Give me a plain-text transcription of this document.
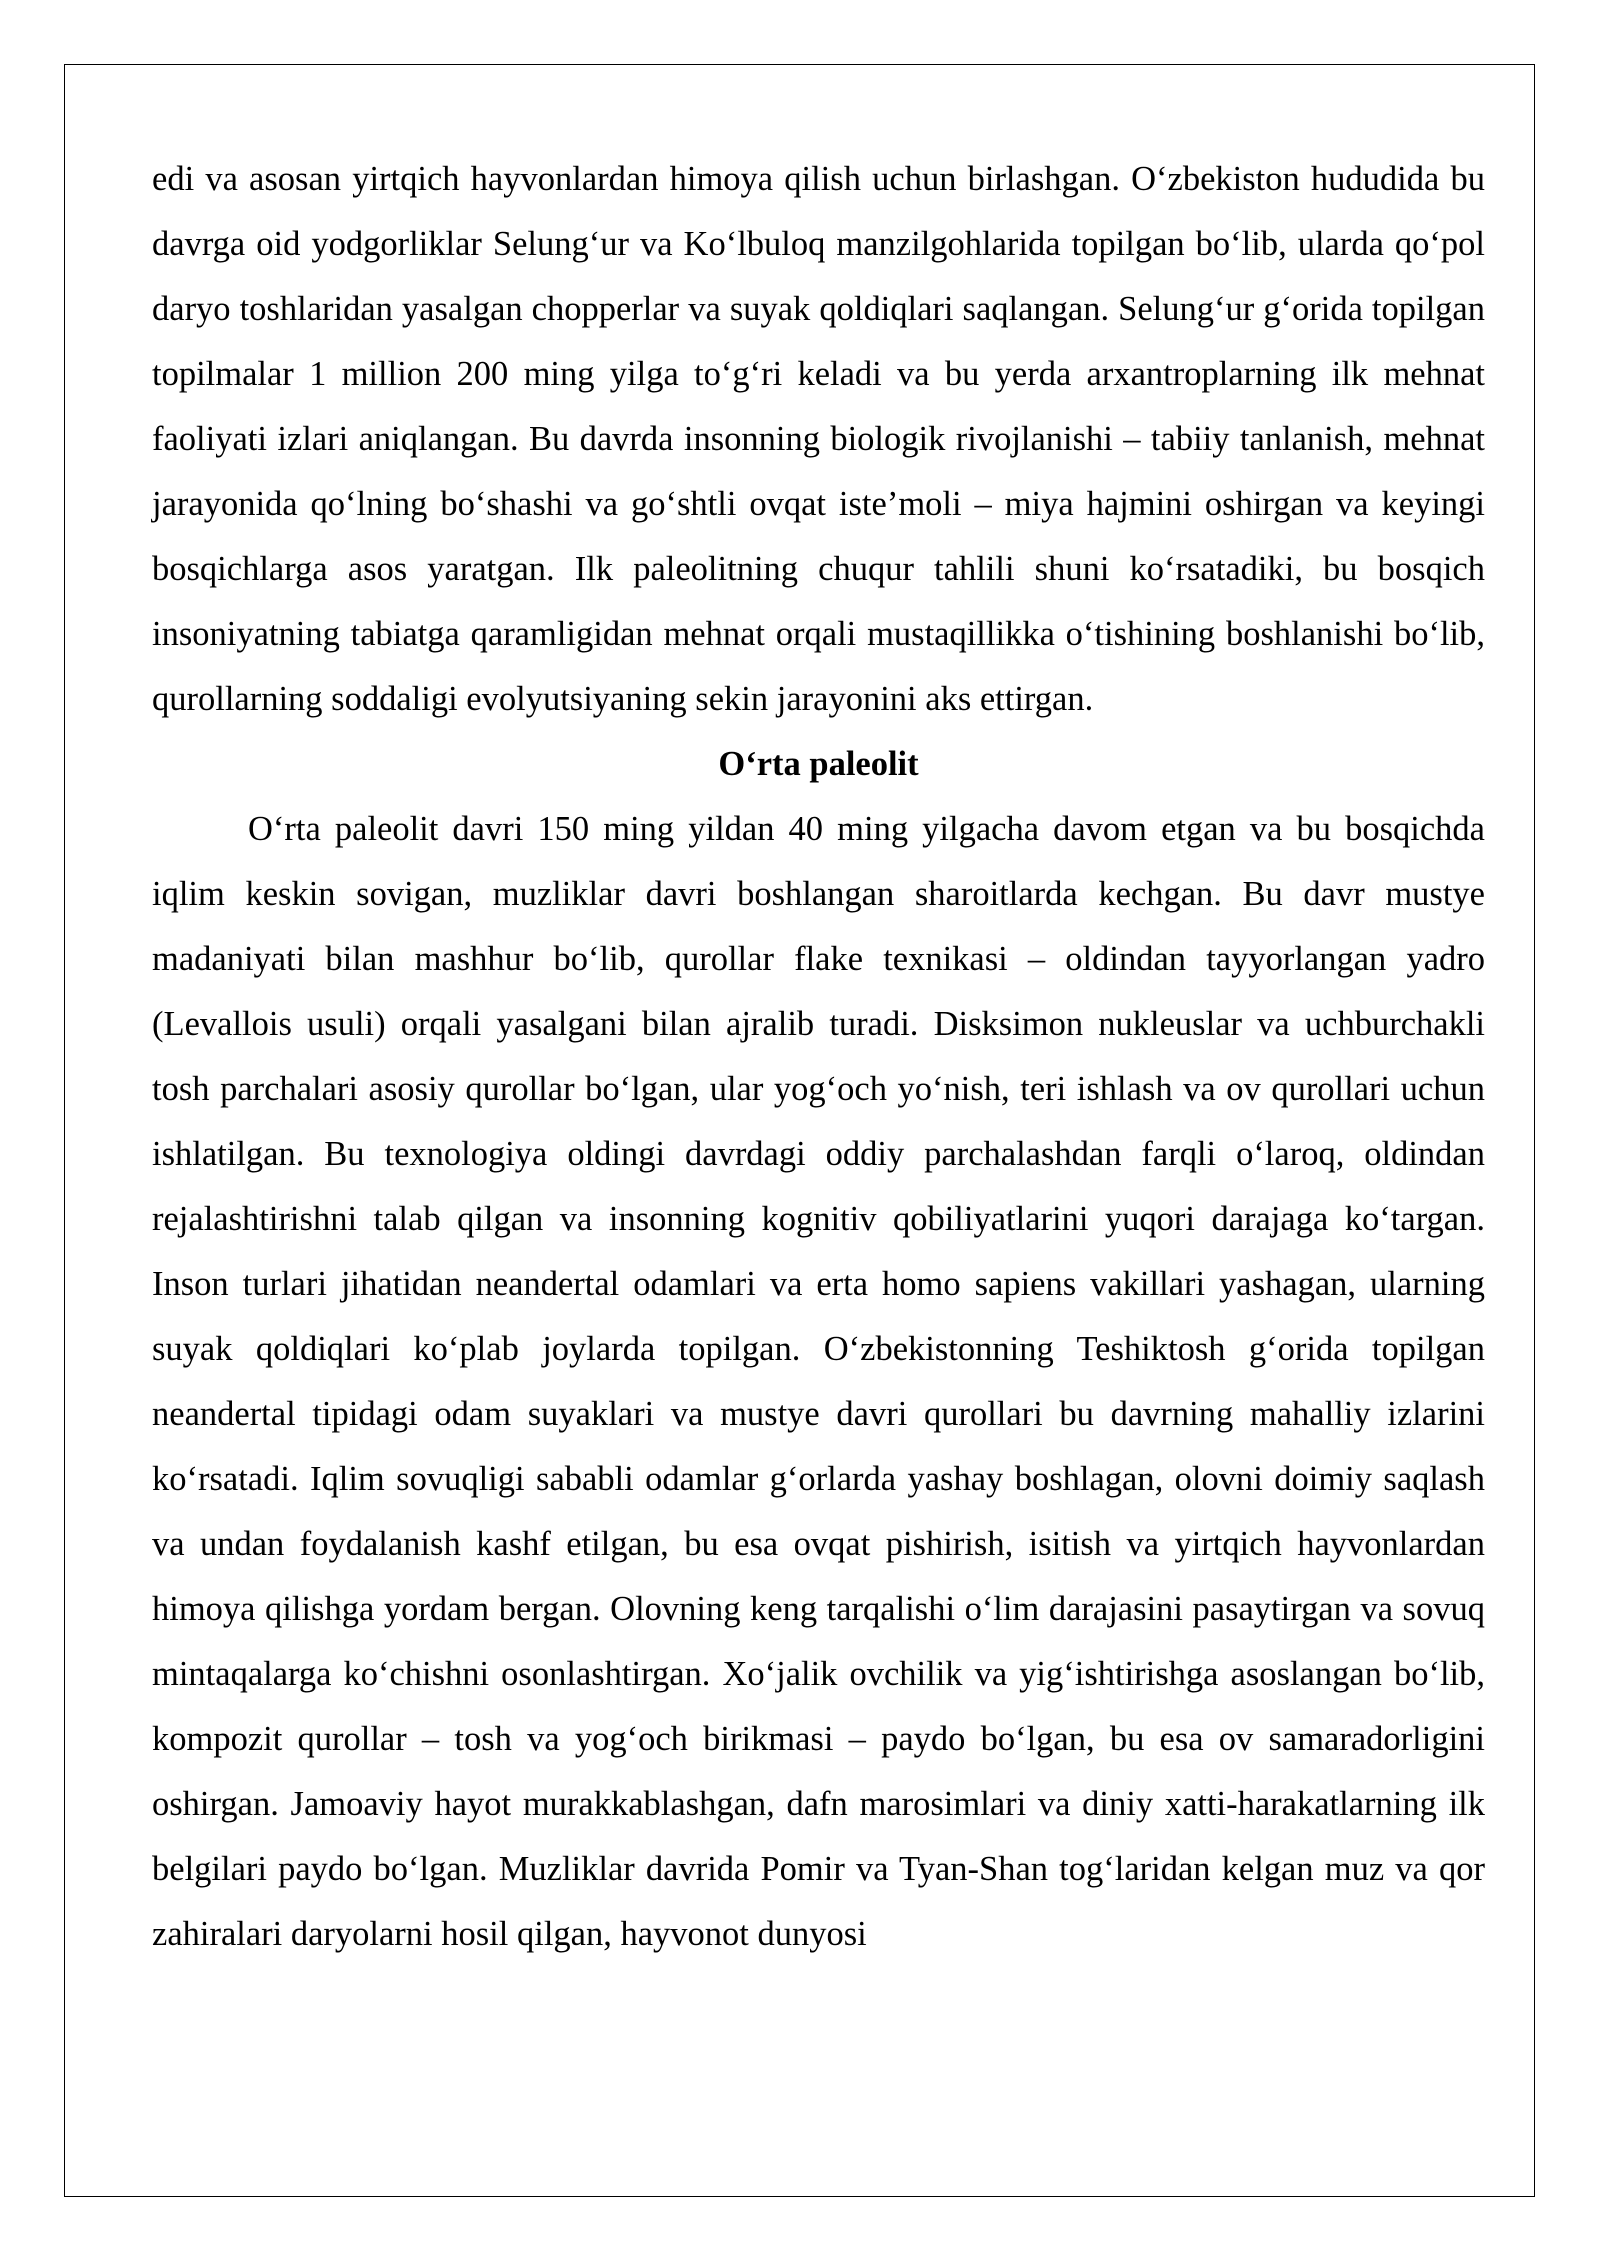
edi va asosan yirtqich hayvonlardan himoya qilish uchun birlashgan. O‘zbekiston hududida bu davrga oid yodgorliklar Selung‘ur va Ko‘lbuloq manzilgohlarida topilgan bo‘lib, ularda qo‘pol daryo toshlaridan yasalgan chopperlar va suyak qoldiqlari saqlangan. Selung‘ur g‘orida topilgan topilmalar 1 million 200 ming yilga to‘g‘ri keladi va bu yerda arxantroplarning ilk mehnat faoliyati izlari aniqlangan. Bu davrda insonning biologik rivojlanishi – tabiiy tanlanish, mehnat jarayonida qo‘lning bo‘shashi va go‘shtli ovqat iste’moli – miya hajmini oshirgan va keyingi bosqichlarga asos yaratgan. Ilk paleolitning chuqur tahlili shuni ko‘rsatadiki, bu bosqich insoniyatning tabiatga qaramligidan mehnat orqali mustaqillikka o‘tishining boshlanishi bo‘lib, qurollarning soddaligi evolyutsiyaning sekin jarayonini aks ettirgan.

O‘rta paleolit

O‘rta paleolit davri 150 ming yildan 40 ming yilgacha davom etgan va bu bosqichda iqlim keskin sovigan, muzliklar davri boshlangan sharoitlarda kechgan. Bu davr mustye madaniyati bilan mashhur bo‘lib, qurollar flake texnikasi – oldindan tayyorlangan yadro (Levallois usuli) orqali yasalgani bilan ajralib turadi. Disksimon nukleuslar va uchburchakli tosh parchalari asosiy qurollar bo‘lgan, ular yog‘och yo‘nish, teri ishlash va ov qurollari uchun ishlatilgan. Bu texnologiya oldingi davrdagi oddiy parchalashdan farqli o‘laroq, oldindan rejalashtirishni talab qilgan va insonning kognitiv qobiliyatlarini yuqori darajaga ko‘targan. Inson turlari jihatidan neandertal odamlari va erta homo sapiens vakillari yashagan, ularning suyak qoldiqlari ko‘plab joylarda topilgan. O‘zbekistonning Teshiktosh g‘orida topilgan neandertal tipidagi odam suyaklari va mustye davri qurollari bu davrning mahalliy izlarini ko‘rsatadi. Iqlim sovuqligi sababli odamlar g‘orlarda yashay boshlagan, olovni doimiy saqlash va undan foydalanish kashf etilgan, bu esa ovqat pishirish, isitish va yirtqich hayvonlardan himoya qilishga yordam bergan. Olovning keng tarqalishi o‘lim darajasini pasaytirgan va sovuq mintaqalarga ko‘chishni osonlashtirgan. Xo‘jalik ovchilik va yig‘ishtirishga asoslangan bo‘lib, kompozit qurollar – tosh va yog‘och birikmasi – paydo bo‘lgan, bu esa ov samaradorligini oshirgan. Jamoaviy hayot murakkablashgan, dafn marosimlari va diniy xatti-harakatlarning ilk belgilari paydo bo‘lgan. Muzliklar davrida Pomir va Tyan-Shan tog‘laridan kelgan muz va qor zahiralari daryolarni hosil qilgan, hayvonot dunyosi
